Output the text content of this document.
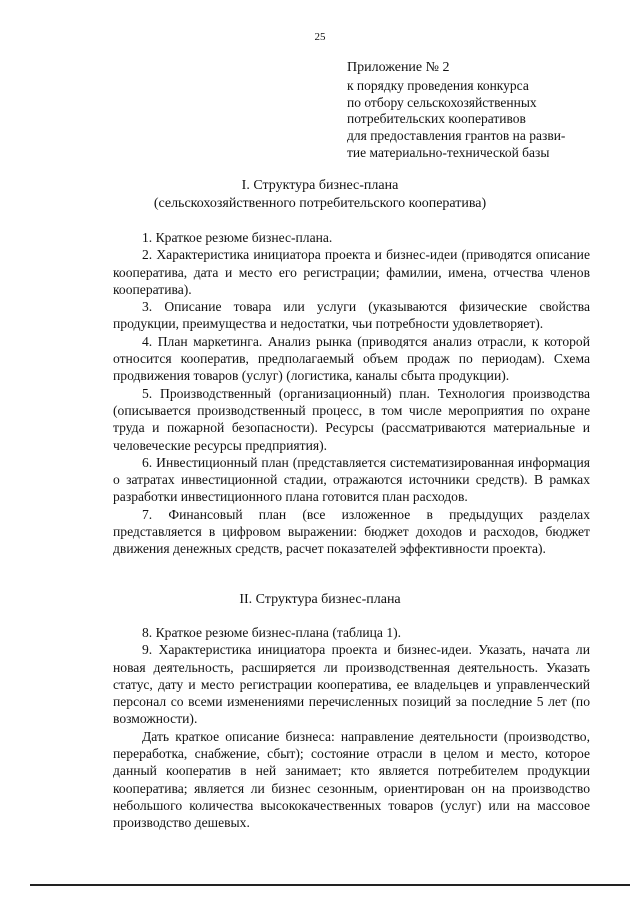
25
Приложение № 2
к порядку проведения конкурса
по отбору сельскохозяйственных
потребительских кооперативов
для предоставления грантов на разви-
тие материально-технической базы
I. Структура бизнес-плана
(сельскохозяйственного потребительского кооператива)

1. Краткое резюме бизнес-плана.

2. Характеристика инициатора проекта и бизнес-идеи (приводятся описание кооператива, дата и место его регистрации; фамилии, имена, отчества членов кооператива).

3. Описание товара или услуги (указываются физические свойства продукции, преимущества и недостатки, чьи потребности удовлетворяет).

4. План маркетинга. Анализ рынка (приводятся анализ отрасли, к которой относится кооператив, предполагаемый объем продаж по периодам). Схема продвижения товаров (услуг) (логистика, каналы сбыта продукции).

5. Производственный (организационный) план. Технология производства (описывается производственный процесс, в том числе мероприятия по охране труда и пожарной безопасности). Ресурсы (рассматриваются материальные и человеческие ресурсы предприятия).

6. Инвестиционный план (представляется систематизированная информация о затратах инвестиционной стадии, отражаются источники средств). В рамках разработки инвестиционного плана готовится план расходов.

7. Финансовый план (все изложенное в предыдущих разделах представляется в цифровом выражении: бюджет доходов и расходов, бюджет движения денежных средств, расчет показателей эффективности проекта).

II. Структура бизнес-плана

8. Краткое резюме бизнес-плана (таблица 1).

9. Характеристика инициатора проекта и бизнес-идеи. Указать, начата ли новая деятельность, расширяется ли производственная деятельность. Указать статус, дату и место регистрации кооператива, ее владельцев и управленческий персонал со всеми изменениями перечисленных позиций за последние 5 лет (по возможности).

Дать краткое описание бизнеса: направление деятельности (производство, переработка, снабжение, сбыт); состояние отрасли в целом и место, которое данный кооператив в ней занимает; кто является потребителем продукции кооператива; является ли бизнес сезонным, ориентирован он на производство небольшого количества высококачественных товаров (услуг) или на массовое производство дешевых.
